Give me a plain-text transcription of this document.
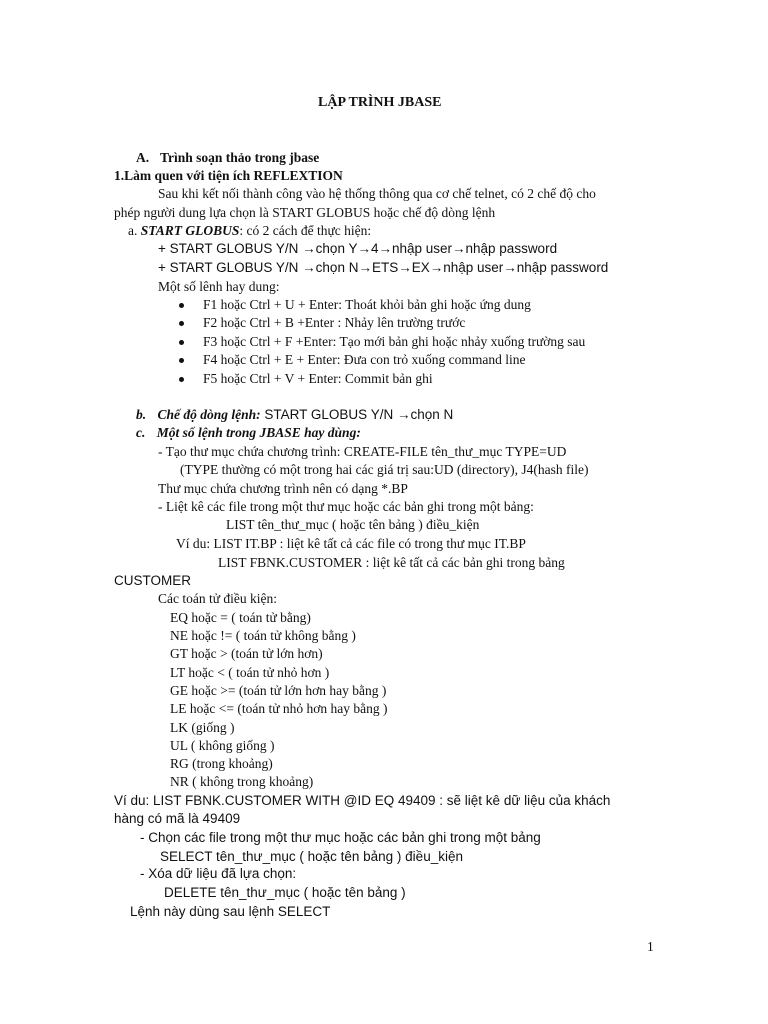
LẬP TRÌNH JBASE
A. Trình soạn thảo trong jbase
1.Làm quen với tiện ích REFLEXTION
Sau khi kết nối thành công vào hệ thống thông qua cơ chế telnet, có 2 chế độ cho
phép người dung lựa chọn là START GLOBUS hoặc chế độ dòng lệnh
a. START GLOBUS: có 2 cách để thực hiện:
+ START GLOBUS Y/N →chọn Y→4→nhập user→nhập password
+ START GLOBUS Y/N →chọn N→ETS→EX→nhập user→nhập password
Một số lênh hay dung:
F1 hoặc Ctrl + U + Enter: Thoát khỏi bản ghi hoặc ứng dung
F2 hoặc Ctrl + B +Enter : Nhảy lên trường trước
F3 hoặc Ctrl + F +Enter: Tạo mới bản ghi hoặc nhảy xuống trường sau
F4 hoặc Ctrl + E + Enter: Đưa con trỏ xuống command line
F5 hoặc Ctrl + V + Enter: Commit bản ghi
b. Chế độ dòng lệnh: START GLOBUS Y/N →chọn N
c. Một số lệnh trong JBASE hay dùng:
- Tạo thư mục chứa chương trình: CREATE-FILE tên_thư_mục TYPE=UD
(TYPE thường có một trong hai các giá trị sau:UD (directory), J4(hash file)
Thư mục chứa chương trình nên có dạng *.BP
- Liệt kê các file trong một thư mục hoặc các bản ghi trong một bảng:
LIST tên_thư_mục ( hoặc tên bảng ) điều_kiện
Ví du: LIST IT.BP : liệt kê tất cả các file có trong thư mục IT.BP
LIST FBNK.CUSTOMER : liệt kê tất cả các bản ghi trong bảng
CUSTOMER
Các toán tử điều kiện:
EQ hoặc = ( toán tử bằng)
NE hoặc != ( toán tử không bằng )
GT hoặc > (toán tử lớn hơn)
LT hoặc < ( toán tử nhỏ hơn )
GE hoặc >= (toán tử lớn hơn hay bằng )
LE hoặc <= (toán tử nhỏ hơn hay bằng )
LK (giống )
UL ( không giống )
RG (trong khoảng)
NR ( không trong khoảng)
Ví du: LIST FBNK.CUSTOMER WITH @ID EQ 49409 : sẽ liệt kê dữ liệu của khách
hàng có mã là 49409
- Chọn các file trong một thư mục hoặc các bản ghi trong một bảng
SELECT tên_thư_mục ( hoặc tên bảng ) điều_kiện
- Xóa dữ liệu đã lựa chọn:
DELETE tên_thư_mục ( hoặc tên bảng )
Lệnh này dùng sau lệnh SELECT
1
